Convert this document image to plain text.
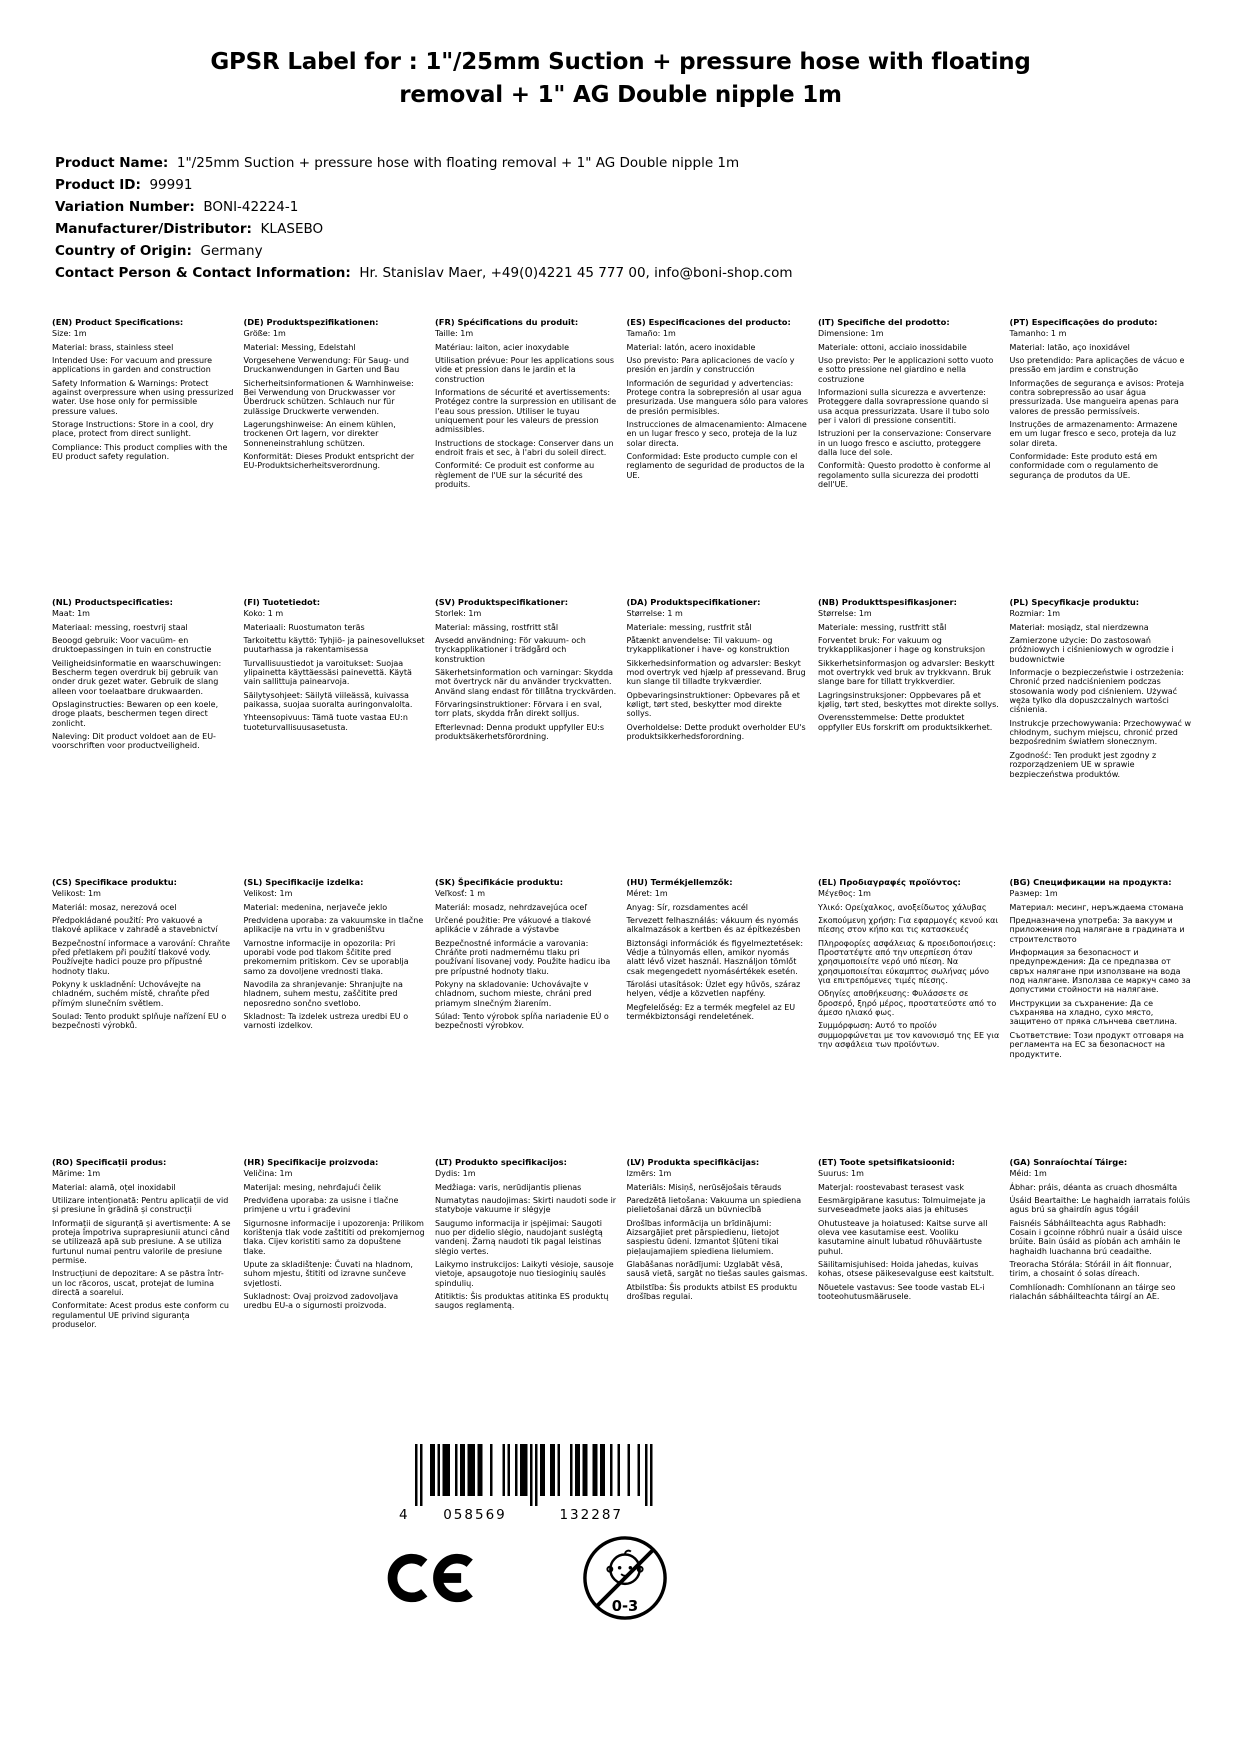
GPSR Label for : 1"/25mm Suction + pressure hose with floating removal + 1" AG Double nipple 1m
Product Name:  1"/25mm Suction + pressure hose with floating removal + 1" AG Double nipple 1m
Product ID:  99991
Variation Number:  BONI-42224-1
Manufacturer/Distributor:  KLASEBO
Country of Origin:  Germany
Contact Person & Contact Information:  Hr. Stanislav Maer, +49(0)4221 45 777 00, info@boni-shop.com
(EN) Product Specifications:

Size: 1m

Material: brass, stainless steel

Intended Use: For vacuum and pressure applications in garden and construction

Safety Information & Warnings: Protect against overpressure when using pressurized water. Use hose only for permissible pressure values.

Storage Instructions: Store in a cool, dry place, protect from direct sunlight.

Compliance: This product complies with the EU product safety regulation.

(DE) Produktspezifikationen:

Größe: 1m

Material: Messing, Edelstahl

Vorgesehene Verwendung: Für Saug- und Druckanwendungen in Garten und Bau

Sicherheitsinformationen & Warnhinweise: Bei Verwendung von Druckwasser vor Überdruck schützen. Schlauch nur für zulässige Druckwerte verwenden.

Lagerungshinweise: An einem kühlen, trockenen Ort lagern, vor direkter Sonneneinstrahlung schützen.

Konformität: Dieses Produkt entspricht der EU-Produktsicherheitsverordnung.

(FR) Spécifications du produit:

Taille: 1m

Matériau: laiton, acier inoxydable

Utilisation prévue: Pour les applications sous vide et pression dans le jardin et la construction

Informations de sécurité et avertissements: Protégez contre la surpression en utilisant de l'eau sous pression. Utiliser le tuyau uniquement pour les valeurs de pression admissibles.

Instructions de stockage: Conserver dans un endroit frais et sec, à l'abri du soleil direct.

Conformité: Ce produit est conforme au règlement de l'UE sur la sécurité des produits.

(ES) Especificaciones del producto:

Tamaño: 1m

Material: latón, acero inoxidable

Uso previsto: Para aplicaciones de vacío y presión en jardín y construcción

Información de seguridad y advertencias: Protege contra la sobrepresión al usar agua presurizada. Use manguera sólo para valores de presión permisibles.

Instrucciones de almacenamiento: Almacene en un lugar fresco y seco, proteja de la luz solar directa.

Conformidad: Este producto cumple con el reglamento de seguridad de productos de la UE.

(IT) Specifiche del prodotto:

Dimensione: 1m

Materiale: ottoni, acciaio inossidabile

Uso previsto: Per le applicazioni sotto vuoto e sotto pressione nel giardino e nella costruzione

Informazioni sulla sicurezza e avvertenze: Proteggere dalla sovrapressione quando si usa acqua pressurizzata. Usare il tubo solo per i valori di pressione consentiti.

Istruzioni per la conservazione: Conservare in un luogo fresco e asciutto, proteggere dalla luce del sole.

Conformità: Questo prodotto è conforme al regolamento sulla sicurezza dei prodotti dell'UE.

(PT) Especificações do produto:

Tamanho: 1 m

Material: latão, aço inoxidável

Uso pretendido: Para aplicações de vácuo e pressão em jardim e construção

Informações de segurança e avisos: Proteja contra sobrepressão ao usar água pressurizada. Use mangueira apenas para valores de pressão permissíveis.

Instruções de armazenamento: Armazene em um lugar fresco e seco, proteja da luz solar direta.

Conformidade: Este produto está em conformidade com o regulamento de segurança de produtos da UE.

(NL) Productspecificaties:

Maat: 1m

Materiaal: messing, roestvrij staal

Beoogd gebruik: Voor vacuüm- en druktoepassingen in tuin en constructie

Veiligheidsinformatie en waarschuwingen: Bescherm tegen overdruk bij gebruik van onder druk gezet water. Gebruik de slang alleen voor toelaatbare drukwaarden.

Opslaginstructies: Bewaren op een koele, droge plaats, beschermen tegen direct zonlicht.

Naleving: Dit product voldoet aan de EU-voorschriften voor productveiligheid.

(FI) Tuotetiedot:

Koko: 1 m

Materiaali: Ruostumaton teräs

Tarkoitettu käyttö: Tyhjiö- ja painesovellukset puutarhassa ja rakentamisessa

Turvallisuustiedot ja varoitukset: Suojaa ylipainetta käyttäessäsi painevettä. Käytä vain sallittuja painearvoja.

Säilytysohjeet: Säilytä viileässä, kuivassa paikassa, suojaa suoralta auringonvalolta.

Yhteensopivuus: Tämä tuote vastaa EU:n tuoteturvallisuusasetusta.

(SV) Produktspecifikationer:

Storlek: 1m

Material: mässing, rostfritt stål

Avsedd användning: För vakuum- och tryckapplikationer i trädgård och konstruktion

Säkerhetsinformation och varningar: Skydda mot övertryck när du använder tryckvatten. Använd slang endast för tillåtna tryckvärden.

Förvaringsinstruktioner: Förvara i en sval, torr plats, skydda från direkt solljus.

Efterlevnad: Denna produkt uppfyller EU:s produktsäkerhetsförordning.

(DA) Produktspecifikationer:

Størrelse: 1 m

Materiale: messing, rustfrit stål

Påtænkt anvendelse: Til vakuum- og trykapplikationer i have- og konstruktion

Sikkerhedsinformation og advarsler: Beskyt mod overtryk ved hjælp af pressevand. Brug kun slange til tilladte trykværdier.

Opbevaringsinstruktioner: Opbevares på et køligt, tørt sted, beskytter mod direkte sollys.

Overholdelse: Dette produkt overholder EU's produktsikkerhedsforordning.

(NB) Produkttspesifikasjoner:

Størrelse: 1m

Materiale: messing, rustfritt stål

Forventet bruk: For vakuum og trykkapplikasjoner i hage og konstruksjon

Sikkerhetsinformasjon og advarsler: Beskytt mot overtrykk ved bruk av trykkvann. Bruk slange bare for tillatt trykkverdier.

Lagringsinstruksjoner: Oppbevares på et kjølig, tørt sted, beskyttes mot direkte sollys.

Overensstemmelse: Dette produktet oppfyller EUs forskrift om produktsikkerhet.

(PL) Specyfikacje produktu:

Rozmiar: 1m

Materiał: mosiądz, stal nierdzewna

Zamierzone użycie: Do zastosowań próżniowych i ciśnieniowych w ogrodzie i budownictwie

Informacje o bezpieczeństwie i ostrzeżenia: Chronić przed nadciśnieniem podczas stosowania wody pod ciśnieniem. Używać węża tylko dla dopuszczalnych wartości ciśnienia.

Instrukcje przechowywania: Przechowywać w chłodnym, suchym miejscu, chronić przed bezpośrednim światłem słonecznym.

Zgodność: Ten produkt jest zgodny z rozporządzeniem UE w sprawie bezpieczeństwa produktów.

(CS) Specifikace produktu:

Velikost: 1m

Materiál: mosaz, nerezová ocel

Předpokládané použití: Pro vakuové a tlakové aplikace v zahradě a stavebnictví

Bezpečnostní informace a varování: Chraňte před přetlakem při použití tlakové vody. Používejte hadici pouze pro přípustné hodnoty tlaku.

Pokyny k uskladnění: Uchovávejte na chladném, suchém místě, chraňte před přímým slunečním světlem.

Soulad: Tento produkt splňuje nařízení EU o bezpečnosti výrobků.

(SL) Specifikacije izdelka:

Velikost: 1m

Material: medenina, nerjaveče jeklo

Predvidena uporaba: za vakuumske in tlačne aplikacije na vrtu in v gradbeništvu

Varnostne informacije in opozorila: Pri uporabi vode pod tlakom ščitite pred prekomernim pritiskom. Cev se uporablja samo za dovoljene vrednosti tlaka.

Navodila za shranjevanje: Shranjujte na hladnem, suhem mestu, zaščitite pred neposredno sončno svetlobo.

Skladnost: Ta izdelek ustreza uredbi EU o varnosti izdelkov.

(SK) Špecifikácie produktu:

Veľkosť: 1 m

Materiál: mosadz, nehrdzavejúca oceľ

Určené použitie: Pre vákuové a tlakové aplikácie v záhrade a výstavbe

Bezpečnostné informácie a varovania: Chráňte proti nadmernému tlaku pri používaní lisovanej vody. Použite hadicu iba pre prípustné hodnoty tlaku.

Pokyny na skladovanie: Uchovávajte v chladnom, suchom mieste, chráni pred priamym slnečným žiarením.

Súlad: Tento výrobok spĺňa nariadenie EÚ o bezpečnosti výrobkov.

(HU) Termékjellemzők:

Méret: 1m

Anyag: Sír, rozsdamentes acél

Tervezett felhasználás: vákuum és nyomás alkalmazások a kertben és az építkezésben

Biztonsági információk és figyelmeztetések: Védje a túlnyomás ellen, amikor nyomás alatt lévő vizet használ. Használjon tömlőt csak megengedett nyomásértékek esetén.

Tárolási utasítások: Üzlet egy hűvös, száraz helyen, védje a közvetlen napfény.

Megfelelőség: Ez a termék megfelel az EU termékbiztonsági rendeletének.

(EL) Προδιαγραφές προϊόντος:

Μέγεθος: 1m

Υλικό: Ορείχαλκος, ανοξείδωτος χάλυβας

Σκοπούμενη χρήση: Για εφαρμογές κενού και πίεσης στον κήπο και τις κατασκευές

Πληροφορίες ασφάλειας & προειδοποιήσεις: Προστατέψτε από την υπερπίεση όταν χρησιμοποιείτε νερό υπό πίεση. Να χρησιμοποιείται εύκαμπτος σωλήνας μόνο για επιτρεπόμενες τιμές πίεσης.

Οδηγίες αποθήκευσης: Φυλάσσετε σε δροσερό, ξηρό μέρος, προστατεύστε από το άμεσο ηλιακό φως.

Συμμόρφωση: Αυτό το προϊόν συμμορφώνεται με τον κανονισμό της ΕΕ για την ασφάλεια των προϊόντων.

(BG) Спецификации на продукта:

Размер: 1m

Материал: месинг, неръждаема стомана

Предназначена употреба: За вакуум и приложения под налягане в градината и строителството

Информация за безопасност и предупреждения: Да се предпазва от свръх налягане при използване на вода под налягане. Използва се маркуч само за допустими стойности на налягане.

Инструкции за съхранение: Да се съхранява на хладно, сухо място, защитено от пряка слънчева светлина.

Съответствие: Този продукт отговаря на регламента на ЕС за безопасност на продуктите.

(RO) Specificații produs:

Mărime: 1m

Material: alamă, oțel inoxidabil

Utilizare intenționată: Pentru aplicații de vid și presiune în grădină și construcții

Informații de siguranță și avertismente: A se proteja împotriva suprapresiunii atunci când se utilizează apă sub presiune. A se utiliza furtunul numai pentru valorile de presiune permise.

Instrucțiuni de depozitare: A se păstra într-un loc răcoros, uscat, protejat de lumina directă a soarelui.

Conformitate: Acest produs este conform cu regulamentul UE privind siguranța produselor.

(HR) Specifikacije proizvoda:

Veličina: 1m

Materijal: mesing, nehrđajući čelik

Predviđena uporaba: za usisne i tlačne primjene u vrtu i građevini

Sigurnosne informacije i upozorenja: Prilikom korištenja tlak vode zaštititi od prekomjernog tlaka. Cijev koristiti samo za dopuštene tlake.

Upute za skladištenje: Čuvati na hladnom, suhom mjestu, štititi od izravne sunčeve svjetlosti.

Sukladnost: Ovaj proizvod zadovoljava uredbu EU-a o sigurnosti proizvoda.

(LT) Produkto specifikacijos:

Dydis: 1m

Medžiaga: varis, nerūdijantis plienas

Numatytas naudojimas: Skirti naudoti sode ir statyboje vakuume ir slėgyje

Saugumo informacija ir įspėjimai: Saugoti nuo per didelio slėgio, naudojant suslėgtą vandenį. Žarną naudoti tik pagal leistinas slėgio vertes.

Laikymo instrukcijos: Laikyti vėsioje, sausoje vietoje, apsaugotoje nuo tiesioginių saulės spindulių.

Atitiktis: Šis produktas atitinka ES produktų saugos reglamentą.

(LV) Produkta specifikācijas:

Izmērs: 1m

Materiāls: Misiņš, nerūsējošais tērauds

Paredzētā lietošana: Vakuuma un spiediena pielietošanai dārzā un būvniecībā

Drošības informācija un brīdinājumi: Aizsargājiet pret pārspiedienu, lietojot saspiestu ūdeni. Izmantot šļūteni tikai pieļaujamajiem spiediena lielumiem.

Glabāšanas norādījumi: Uzglabāt vēsā, sausā vietā, sargāt no tiešas saules gaismas.

Atbilstība: Šis produkts atbilst ES produktu drošības regulai.

(ET) Toote spetsifikatsioonid:

Suurus: 1m

Materjal: roostevabast terasest vask

Eesmärgipärane kasutus: Tolmuimejate ja surveseadmete jaoks aias ja ehituses

Ohutusteave ja hoiatused: Kaitse surve all oleva vee kasutamise eest. Vooliku kasutamine ainult lubatud rõhuväärtuste puhul.

Säilitamisjuhised: Hoida jahedas, kuivas kohas, otsese päikesevalguse eest kaitstult.

Nõuetele vastavus: See toode vastab EL-i tooteohutusmäärusele.

(GA) Sonraíochtaí Táirge:

Méid: 1m

Ábhar: práis, déanta as cruach dhosmálta

Úsáid Beartaithe: Le haghaidh iarratais folúis agus brú sa ghairdín agus tógáil

Faisnéis Sábháilteachta agus Rabhadh: Cosain i gcoinne róbhrú nuair a úsáid uisce brúite. Bain úsáid as píobán ach amháin le haghaidh luachanna brú ceadaithe.

Treoracha Stórála: Stóráil in áit fionnuar, tirim, a chosaint ó solas díreach.

Comhlíonadh: Comhlíonann an táirge seo rialachán sábháilteachta táirgí an AE.

4 058569	132287
0-3
